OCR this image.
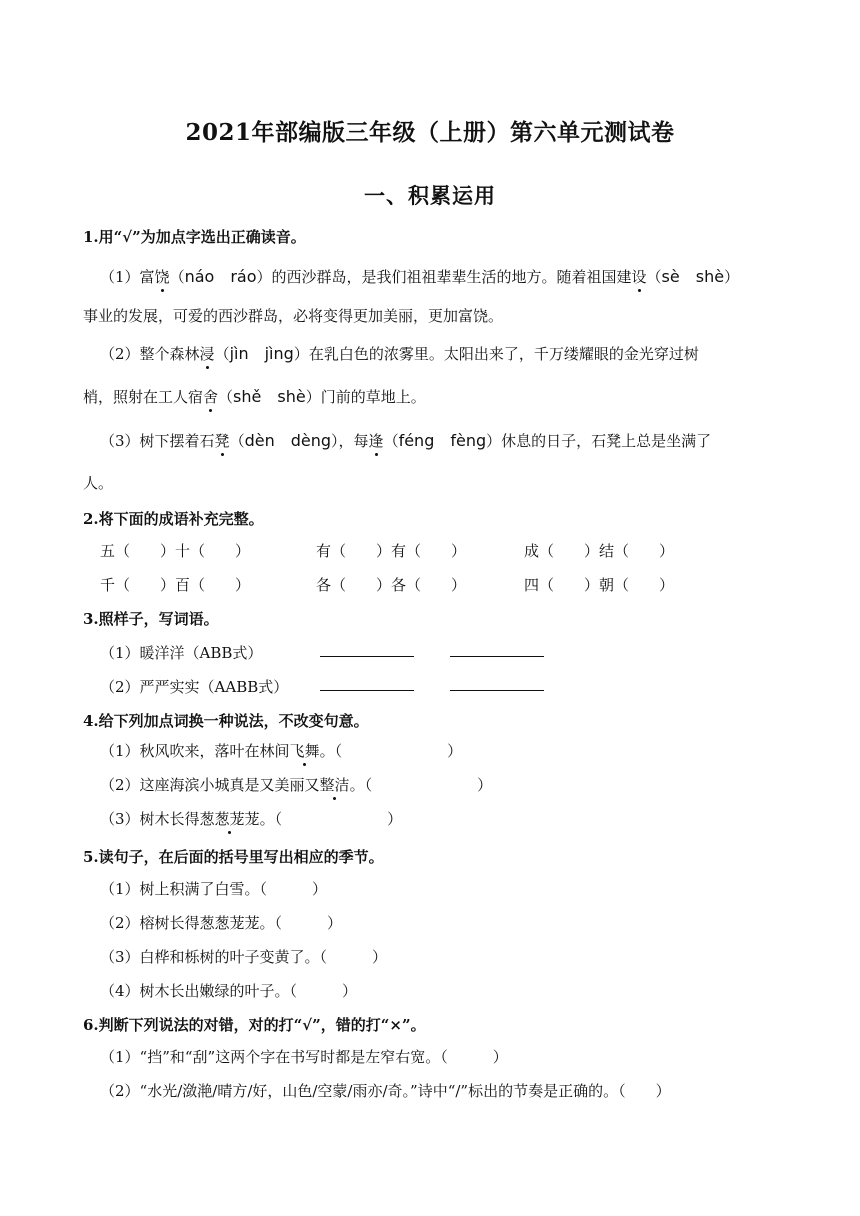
2021年部编版三年级（上册）第六单元测试卷
一、积累运用
1.用“√”为加点字选出正确读音。
（1）富饶（náo　ráo）的西沙群岛，是我们祖祖辈辈生活的地方。随着祖国建设（sè　shè）
事业的发展，可爱的西沙群岛，必将变得更加美丽，更加富饶。
（2）整个森林浸（jìn　jìng）在乳白色的浓雾里。太阳出来了，千万缕耀眼的金光穿过树
梢，照射在工人宿舍（shě　shè）门前的草地上。
（3）树下摆着石凳（dèn　dèng），每逢（féng　fèng）休息的日子，石凳上总是坐满了
人。
2.将下面的成语补充完整。
五（　　）十（　　）	有（　　）有（　　）	成（　　）结（　　）
千（　　）百（　　）	各（　　）各（　　）	四（　　）朝（　　）
3.照样子，写词语。
（1）暖洋洋（ABB式）
（2）严严实实（AABB式）
4.给下列加点词换一种说法，不改变句意。
（1）秋风吹来，落叶在林间飞舞。（　　　　　　　）
（2）这座海滨小城真是又美丽又整洁。（　　　　　　　）
（3）树木长得葱葱茏茏。（　　　　　　　）
5.读句子，在后面的括号里写出相应的季节。
（1）树上积满了白雪。（　　　）
（2）榕树长得葱葱茏茏。（　　　）
（3）白桦和栎树的叶子变黄了。（　　　）
（4）树木长出嫩绿的叶子。（　　　）
6.判断下列说法的对错，对的打“√”，错的打“×”。
（1）“挡”和“刮”这两个字在书写时都是左窄右宽。（　　　）
（2）“水光/潋滟/晴方/好，山色/空蒙/雨亦/奇。”诗中“/”标出的节奏是正确的。（　　）
